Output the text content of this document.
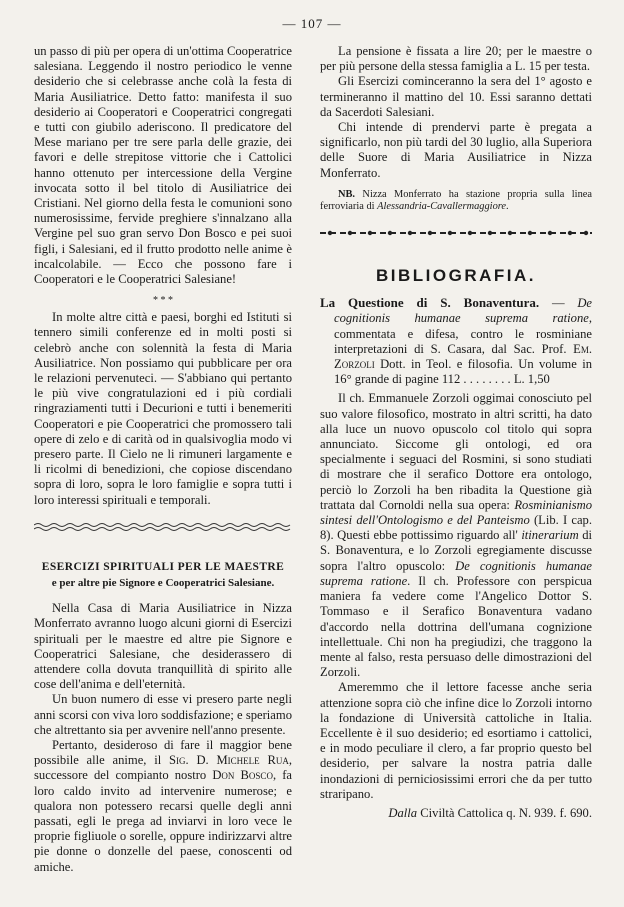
— 107 —

un passo di più per opera di un'ottima Cooperatrice salesiana. Leggendo il nostro periodico le venne desiderio che si celebrasse anche colà la festa di Maria Ausiliatrice. Detto fatto: manifesta il suo desiderio ai Cooperatori e Cooperatrici congregati e tutti con giubilo aderiscono. Il predicatore del Mese mariano per tre sere parla delle grazie, dei favori e delle strepitose vittorie che i Cattolici hanno ottenuto per intercessione della Vergine invocata sotto il bel titolo di Ausiliatrice dei Cristiani. Nel giorno della festa le comunioni sono numerosissime, fervide preghiere s'innalzano alla Vergine pel suo gran servo Don Bosco e pei suoi figli, i Salesiani, ed il frutto prodotto nelle anime è incalcolabile. — Ecco che possono fare i Cooperatori e le Cooperatrici Salesiane!

* * *

In molte altre città e paesi, borghi ed Istituti si tennero simili conferenze ed in molti posti si celebrò anche con solennità la festa di Maria Ausiliatrice. Non possiamo qui pubblicare per ora le relazioni pervenuteci. — S'abbiano qui pertanto le più vive congratulazioni ed i più cordiali ringraziamenti tutti i Decurioni e tutti i benemeriti Cooperatori e pie Cooperatrici che promossero tali opere di zelo e di carità od in qualsivoglia modo vi presero parte. Il Cielo ne li rimuneri largamente e li ricolmi di benedizioni, che copiose discendano sopra di loro, sopra le loro famiglie e sopra tutti i loro interessi spirituali e temporali.

ESERCIZI SPIRITUALI PER LE MAESTRE
e per altre pie Signore e Cooperatrici Salesiane.

Nella Casa di Maria Ausiliatrice in Nizza Monferrato avranno luogo alcuni giorni di Esercizi spirituali per le maestre ed altre pie Signore e Cooperatrici Salesiane, che desiderassero di attendere colla dovuta tranquillità di spirito alle cose dell'anima e dell'eternità.

Un buon numero di esse vi presero parte negli anni scorsi con viva loro soddisfazione; e speriamo che altrettanto sia per avvenire nell'anno presente.

Pertanto, desideroso di fare il maggior bene possibile alle anime, il Sig. D. Michele Rua, successore del compianto nostro Don Bosco, fa loro caldo invito ad intervenire numerose; e qualora non potessero recarsi quelle degli anni passati, egli le prega ad inviarvi in loro vece le proprie figliuole o sorelle, oppure indirizzarvi altre pie donne o donzelle del paese, conoscenti od amiche.

La pensione è fissata a lire 20; per le maestre o per più persone della stessa famiglia a L. 15 per testa.

Gli Esercizi cominceranno la sera del 1° agosto e termineranno il mattino del 10. Essi saranno dettati da Sacerdoti Salesiani.

Chi intende di prendervi parte è pregata a significarlo, non più tardi del 30 luglio, alla Superiora delle Suore di Maria Ausiliatrice in Nizza Monferrato.

NB. Nizza Monferrato ha stazione propria sulla linea ferroviaria di Alessandria-Cavallermaggiore.

BIBLIOGRAFIA.

La Questione di S. Bonaventura. — De cognitionis humanae suprema ratione, commentata e difesa, contro le rosminiane interpretazioni di S. Casara, dal Sac. Prof. Em. Zorzoli Dott. in Teol. e filosofia. Un volume in 16° grande di pagine 112 . . . . . . . . L. 1,50

Il ch. Emmanuele Zorzoli oggimai conosciuto pel suo valore filosofico, mostrato in altri scritti, ha dato alla luce un nuovo opuscolo col titolo qui sopra annunciato. Siccome gli ontologi, ed ora specialmente i seguaci del Rosmini, si sono studiati di mostrare che il serafico Dottore era ontologo, perciò lo Zorzoli ha ben ribadita la Questione già trattata dal Cornoldi nella sua opera: Rosminianismo sintesi dell'Ontologismo e del Panteismo (Lib. I cap. 8). Questi ebbe pottissimo riguardo all' itinerarium di S. Bonaventura, e lo Zorzoli egregiamente discusse sopra l'altro opuscolo: De cognitionis humanae suprema ratione. Il ch. Professore con perspicua maniera fa vedere come l'Angelico Dottor S. Tommaso e il Serafico Bonaventura vadano d'accordo nella dottrina dell'umana cognizione intellettuale. Chi non ha pregiudizi, che traggono la mente al falso, resta persuaso delle dimostrazioni del Zorzoli.

Ameremmo che il lettore facesse anche seria attenzione sopra ciò che infine dice lo Zorzoli intorno la fondazione di Università cattoliche in Italia. Eccellente è il suo desiderio; ed esortiamo i cattolici, e in modo peculiare il clero, a far proprio questo bel desiderio, per salvare la nostra patria dalle inondazioni di perniciosissimi errori che da per tutto straripano.

Dalla Civiltà Cattolica q. N. 939. f. 690.
